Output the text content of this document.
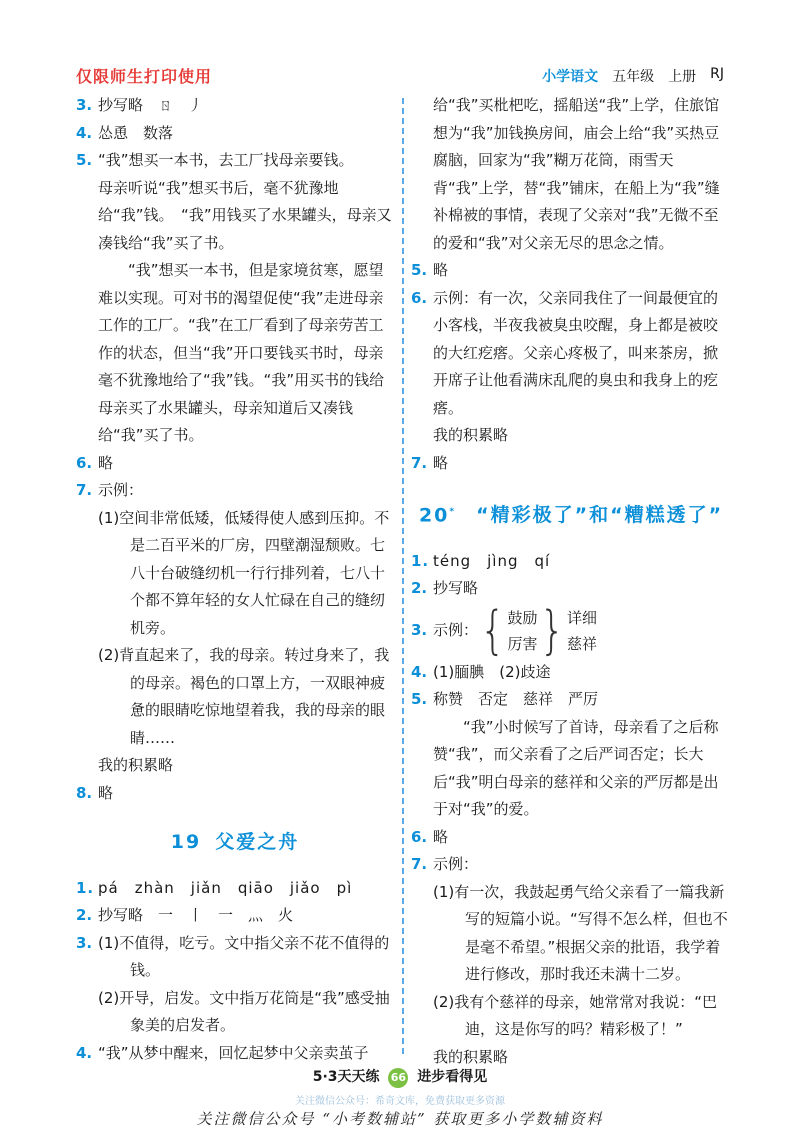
仅限师生打印使用	小学语文 五年级 上册 RJ

3. 抄写略　ㄖ　丿

4. 怂恿　数落

5. “我”想买一本书，去工厂找母亲要钱。

母亲听说“我”想买书后，毫不犹豫地给“我”钱。　“我”用钱买了水果罐头，母亲又凑钱给“我”买了书。

“我”想买一本书，但是家境贫寒，愿望难以实现。可对书的渴望促使“我”走进母亲工作的工厂。“我”在工厂看到了母亲劳苦工作的状态，但当“我”开口要钱买书时，母亲毫不犹豫地给了“我”钱。“我”用买书的钱给母亲买了水果罐头，母亲知道后又凑钱给“我”买了书。

6. 略

7. 示例：

(1)空间非常低矮，低矮得使人感到压抑。不是二百平米的厂房，四壁潮湿颓败。七八十台破缝纫机一行行排列着，七八十个都不算年轻的女人忙碌在自己的缝纫机旁。

(2)背直起来了，我的母亲。转过身来了，我的母亲。褐色的口罩上方，一双眼神疲惫的眼睛吃惊地望着我，我的母亲的眼睛……

我的积累略

8. 略

19 父爱之舟

1. pá　zhàn　jiǎn　qiāo　jiǎo　pì

2. 抄写略　一　丨　一　灬　火

3. (1)不值得，吃亏。文中指父亲不花不值得的钱。

(2)开导，启发。文中指万花筒是“我”感受抽象美的启发者。

4. “我”从梦中醒来，回忆起梦中父亲卖茧子

给“我”买枇杷吃，摇船送“我”上学，住旅馆想为“我”加钱换房间，庙会上给“我”买热豆腐脑，回家为“我”糊万花筒，雨雪天背“我”上学，替“我”铺床，在船上为“我”缝补棉被的事情，表现了父亲对“我”无微不至的爱和“我”对父亲无尽的思念之情。

5. 略

6. 示例：有一次，父亲同我住了一间最便宜的小客栈，半夜我被臭虫咬醒，身上都是被咬的大红疙瘩。父亲心疼极了，叫来茶房，掀开席子让他看满床乱爬的臭虫和我身上的疙瘩。

我的积累略

7. 略

20* “精彩极了”和“糟糕透了”

1. téng　jìng　qí

2. 抄写略

3. 示例： { 鼓励
厉害 } 详细
慈祥

4. (1)腼腆　(2)歧途

5. 称赞　否定　慈祥　严厉

“我”小时候写了首诗，母亲看了之后称赞“我”，而父亲看了之后严词否定；长大后“我”明白母亲的慈祥和父亲的严厉都是出于对“我”的爱。

6. 略

7. 示例：

(1)有一次，我鼓起勇气给父亲看了一篇我新写的短篇小说。“写得不怎么样，但也不是毫不希望。”根据父亲的批语，我学着进行修改，那时我还未满十二岁。

(2)我有个慈祥的母亲，她常常对我说：“巴迪，这是你写的吗？精彩极了！”

我的积累略

5·3天天练 66 进步看得见
关注微信公众号：希奇文库，免费获取更多资源
关注微信公众号 “小考数辅站” 获取更多小学数辅资料
